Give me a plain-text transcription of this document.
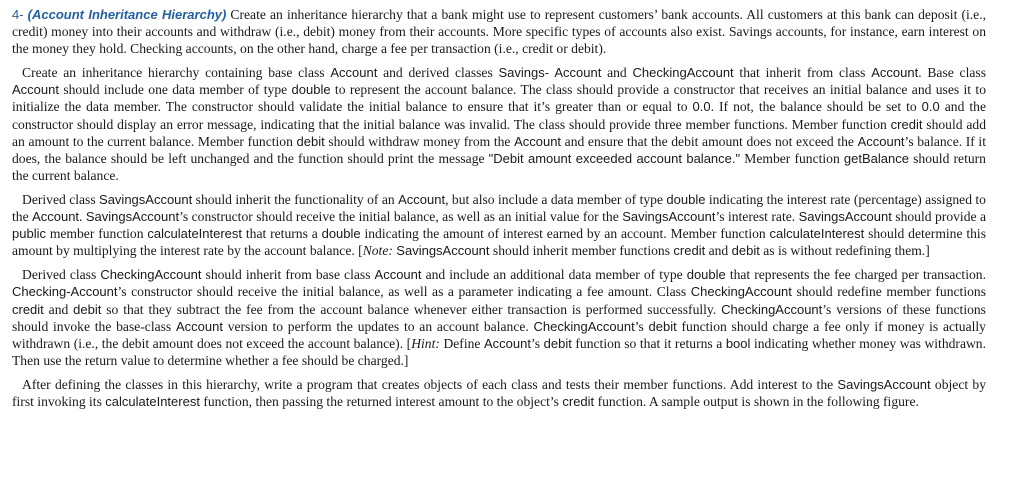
4- (Account Inheritance Hierarchy) Create an inheritance hierarchy that a bank might use to represent customers’ bank accounts. All customers at this bank can deposit (i.e., credit) money into their accounts and withdraw (i.e., debit) money from their accounts. More specific types of accounts also exist. Savings accounts, for instance, earn interest on the money they hold. Checking accounts, on the other hand, charge a fee per transaction (i.e., credit or debit).

Create an inheritance hierarchy containing base class Account and derived classes Savings- Account and CheckingAccount that inherit from class Account. Base class Account should include one data member of type double to represent the account balance. The class should provide a constructor that receives an initial balance and uses it to initialize the data member. The constructor should validate the initial balance to ensure that it’s greater than or equal to 0.0. If not, the balance should be set to 0.0 and the constructor should display an error message, indicating that the initial balance was invalid. The class should provide three member functions. Member function credit should add an amount to the current balance. Member function debit should withdraw money from the Account and ensure that the debit amount does not exceed the Account’s balance. If it does, the balance should be left unchanged and the function should print the message "Debit amount exceeded account balance." Member function getBalance should return the current balance.

Derived class SavingsAccount should inherit the functionality of an Account, but also include a data member of type double indicating the interest rate (percentage) assigned to the Account. SavingsAccount’s constructor should receive the initial balance, as well as an initial value for the SavingsAccount’s interest rate. SavingsAccount should provide a public member function calculateInterest that returns a double indicating the amount of interest earned by an account. Member function calculateInterest should determine this amount by multiplying the interest rate by the account balance. [Note: SavingsAccount should inherit member functions credit and debit as is without redefining them.]

Derived class CheckingAccount should inherit from base class Account and include an additional data member of type double that represents the fee charged per transaction. Checking-Account’s constructor should receive the initial balance, as well as a parameter indicating a fee amount. Class CheckingAccount should redefine member functions credit and debit so that they subtract the fee from the account balance whenever either transaction is performed successfully. CheckingAccount’s versions of these functions should invoke the base-class Account version to perform the updates to an account balance. CheckingAccount’s debit function should charge a fee only if money is actually withdrawn (i.e., the debit amount does not exceed the account balance). [Hint: Define Account’s debit function so that it returns a bool indicating whether money was withdrawn. Then use the return value to determine whether a fee should be charged.]

After defining the classes in this hierarchy, write a program that creates objects of each class and tests their member functions. Add interest to the SavingsAccount object by first invoking its calculateInterest function, then passing the returned interest amount to the object’s credit function. A sample output is shown in the following figure.
